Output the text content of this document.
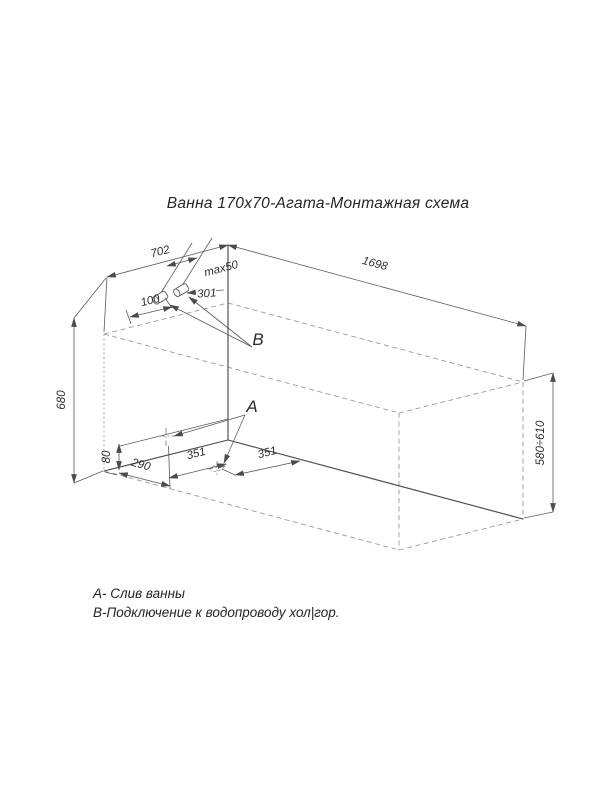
Ванна 170x70-Агата-Монтажная схема
702
1698
680
580÷610
max50
100	301
B
A
80 290
351	351
А- Слив ванны
В-Подключение к водопроводу хол|гор.
